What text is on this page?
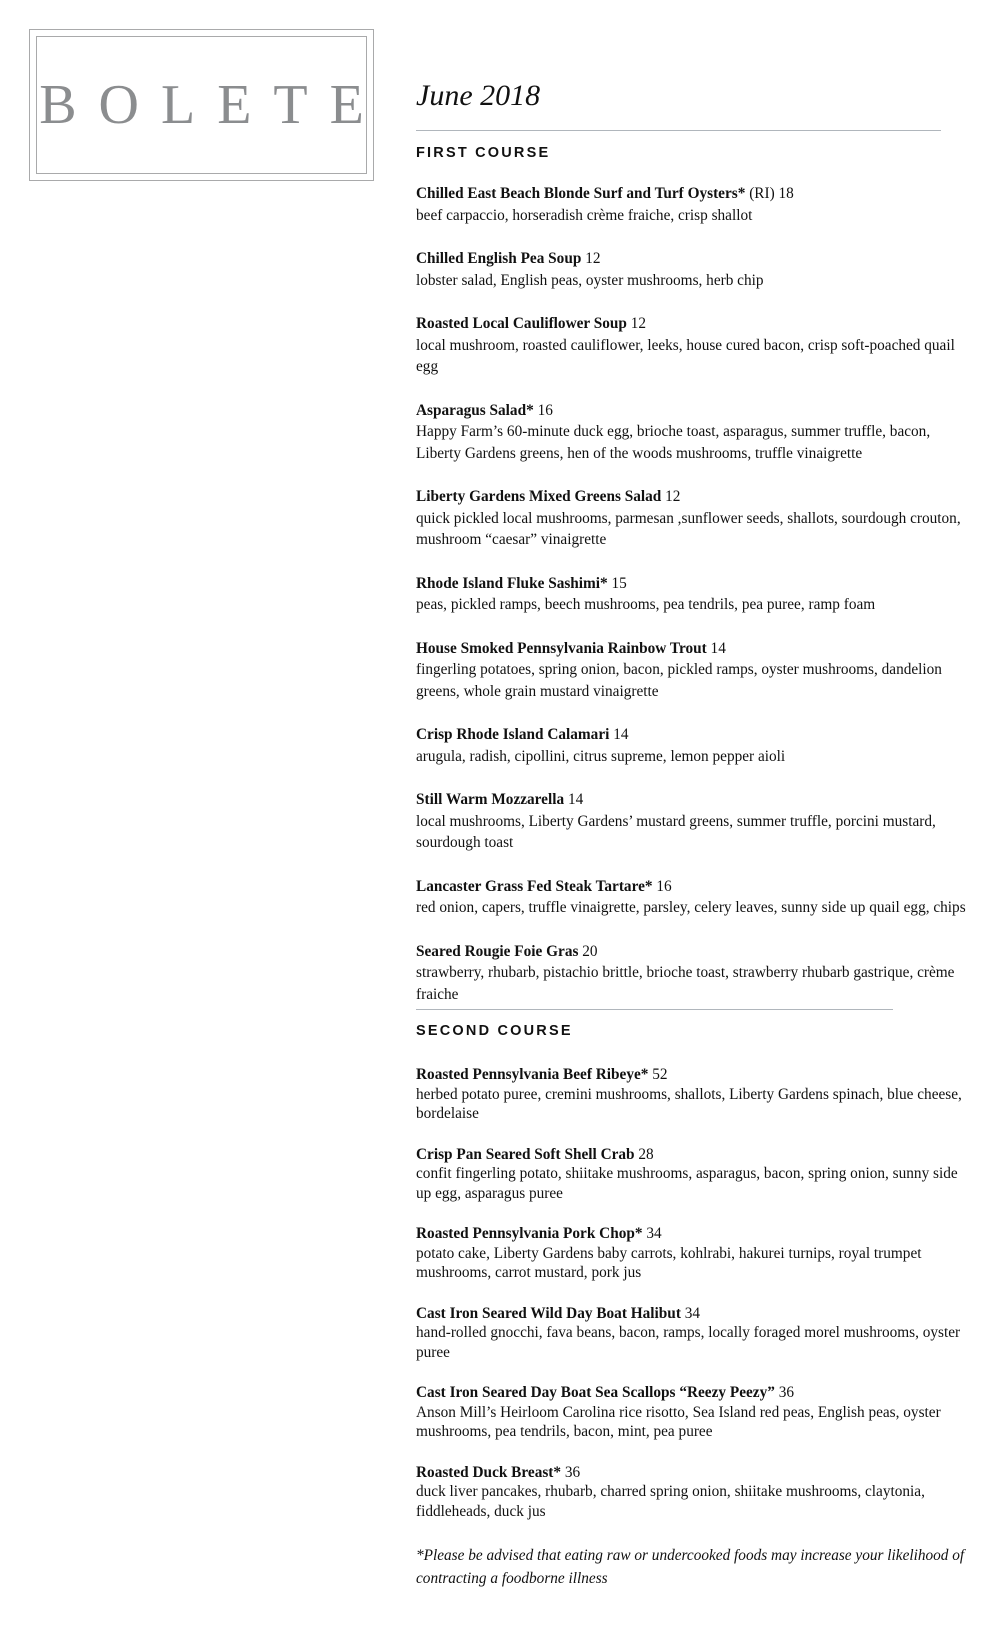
BOLETE June 2018

FIRST COURSE

Chilled East Beach Blonde Surf and Turf Oysters* (RI) 18

beef carpaccio, horseradish crème fraiche, crisp shallot

Chilled English Pea Soup 12

lobster salad, English peas, oyster mushrooms, herb chip

Roasted Local Cauliflower Soup 12

local mushroom, roasted cauliflower, leeks, house cured bacon, crisp soft-poached quail egg

Asparagus Salad* 16

Happy Farm’s 60-minute duck egg, brioche toast, asparagus, summer truffle, bacon, Liberty Gardens greens, hen of the woods mushrooms, truffle vinaigrette

Liberty Gardens Mixed Greens Salad 12

quick pickled local mushrooms, parmesan ,sunflower seeds, shallots, sourdough crouton, mushroom “caesar” vinaigrette

Rhode Island Fluke Sashimi* 15

peas, pickled ramps, beech mushrooms, pea tendrils, pea puree, ramp foam

House Smoked Pennsylvania Rainbow Trout 14

fingerling potatoes, spring onion, bacon, pickled ramps, oyster mushrooms, dandelion greens, whole grain mustard vinaigrette

Crisp Rhode Island Calamari 14

arugula, radish, cipollini, citrus supreme, lemon pepper aioli

Still Warm Mozzarella 14

local mushrooms, Liberty Gardens’ mustard greens, summer truffle, porcini mustard, sourdough toast

Lancaster Grass Fed Steak Tartare* 16

red onion, capers, truffle vinaigrette, parsley, celery leaves, sunny side up quail egg, chips

Seared Rougie Foie Gras 20

strawberry, rhubarb, pistachio brittle, brioche toast, strawberry rhubarb gastrique, crème fraiche

SECOND COURSE

Roasted Pennsylvania Beef Ribeye* 52

herbed potato puree, cremini mushrooms, shallots, Liberty Gardens spinach, blue cheese, bordelaise

Crisp Pan Seared Soft Shell Crab 28

confit fingerling potato, shiitake mushrooms, asparagus, bacon, spring onion, sunny side up egg, asparagus puree

Roasted Pennsylvania Pork Chop* 34

potato cake, Liberty Gardens baby carrots, kohlrabi, hakurei turnips, royal trumpet mushrooms, carrot mustard, pork jus

Cast Iron Seared Wild Day Boat Halibut 34

hand-rolled gnocchi, fava beans, bacon, ramps, locally foraged morel mushrooms, oyster puree

Cast Iron Seared Day Boat Sea Scallops “Reezy Peezy” 36

Anson Mill’s Heirloom Carolina rice risotto, Sea Island red peas, English peas, oyster mushrooms, pea tendrils, bacon, mint, pea puree

Roasted Duck Breast* 36

duck liver pancakes, rhubarb, charred spring onion, shiitake mushrooms, claytonia, fiddleheads, duck jus

*Please be advised that eating raw or undercooked foods may increase your likelihood of contracting a foodborne illness
